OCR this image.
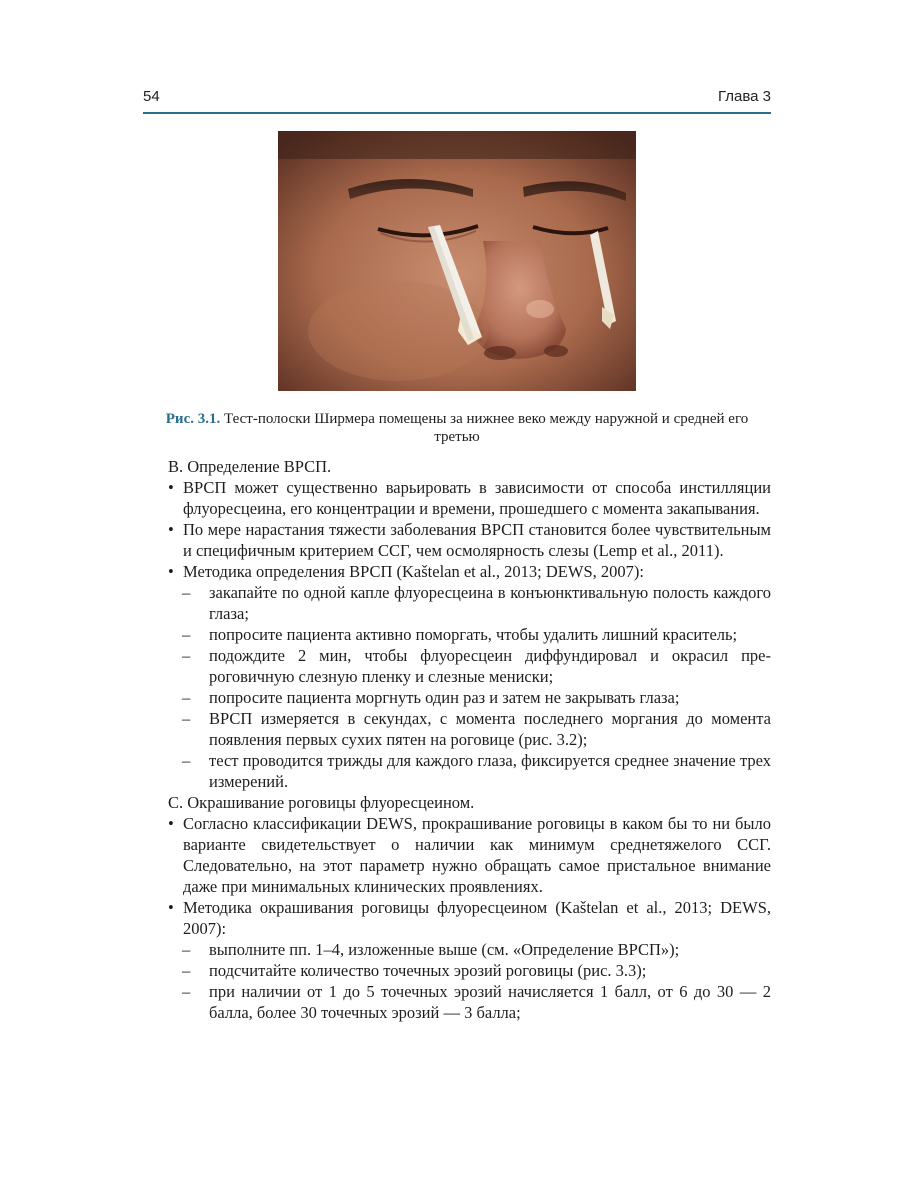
54	Глава 3
Рис. 3.1. Тест-полоски Ширмера помещены за нижнее веко между наружной и средней его третью

В. Определение ВРСП.

• ВРСП может существенно варьировать в зависимости от способа инстилляции флуоресцеина, его концентрации и времени, прошедшего с момента закапывания.

• По мере нарастания тяжести заболевания ВРСП становится более чувствительным и специфичным критерием ССГ, чем осмолярность слезы (Lemp et al., 2011).

• Методика определения ВРСП (Kaštelan et al., 2013; DEWS, 2007):

– закапайте по одной капле флуоресцеина в конъюнктивальную полость каждого глаза;

– попросите пациента активно поморгать, чтобы удалить лишний краситель;

– подождите 2 мин, чтобы флуоресцеин диффундировал и окрасил прероговичную слезную пленку и слезные мениски;

– попросите пациента моргнуть один раз и затем не закрывать глаза;

– ВРСП измеряется в секундах, с момента последнего моргания до момента появления первых сухих пятен на роговице (рис. 3.2);

– тест проводится трижды для каждого глаза, фиксируется среднее значение трех измерений.

С. Окрашивание роговицы флуоресцеином.

• Согласно классификации DEWS, прокрашивание роговицы в каком бы то ни было варианте свидетельствует о наличии как минимум среднетяжелого ССГ. Следовательно, на этот параметр нужно обращать самое пристальное внимание даже при минимальных клинических проявлениях.

• Методика окрашивания роговицы флуоресцеином (Kaštelan et al., 2013; DEWS, 2007):

– выполните пп. 1–4, изложенные выше (см. «Определение ВРСП»);

– подсчитайте количество точечных эрозий роговицы (рис. 3.3);

– при наличии от 1 до 5 точечных эрозий начисляется 1 балл, от 6 до 30 — 2 балла, более 30 точечных эрозий — 3 балла;
